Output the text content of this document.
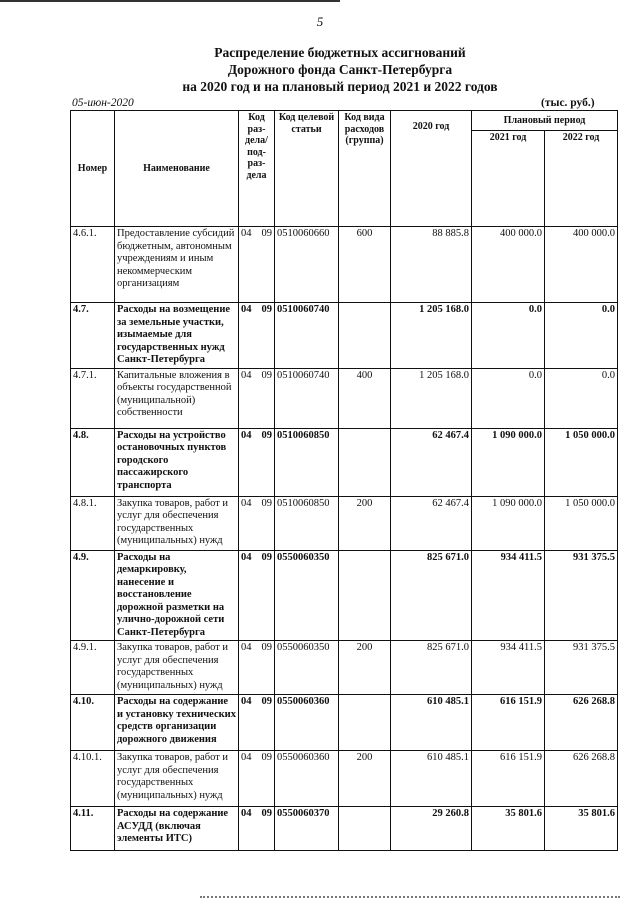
5
Распределение бюджетных ассигнований
Дорожного фонда Санкт-Петербурга
на 2020 год и на плановый период 2021 и 2022 годов
05-июн-2020	(тыс. руб.)
Номер	Наименование	Код раз-дела/ под-раз-дела	Код целевой статьи	Код вида расходов (группа)	2020 год	Плановый период	
						2021 год	2022 год
4.6.1.	Предоставление субсидий бюджетным, автономным учреждениям и иным некоммерческим организациям	04 09	0510060660	600	88 885.8	400 000.0	400 000.0
4.7.	Расходы на возмещение за земельные участки, изымаемые для государственных нужд Санкт-Петербурга	04 09	0510060740		1 205 168.0	0.0	0.0
4.7.1.	Капитальные вложения в объекты государственной (муниципальной) собственности	04 09	0510060740	400	1 205 168.0	0.0	0.0
4.8.	Расходы на устройство остановочных пунктов городского пассажирского транспорта	04 09	0510060850		62 467.4	1 090 000.0	1 050 000.0
4.8.1.	Закупка товаров, работ и услуг для обеспечения государственных (муниципальных) нужд	04 09	0510060850	200	62 467.4	1 090 000.0	1 050 000.0
4.9.	Расходы на демаркировку, нанесение и восстановление дорожной разметки на улично-дорожной сети Санкт-Петербурга	04 09	0550060350		825 671.0	934 411.5	931 375.5
4.9.1.	Закупка товаров, работ и услуг для обеспечения государственных (муниципальных) нужд	04 09	0550060350	200	825 671.0	934 411.5	931 375.5
4.10.	Расходы на содержание и установку технических средств организации дорожного движения	04 09	0550060360		610 485.1	616 151.9	626 268.8
4.10.1.	Закупка товаров, работ и услуг для обеспечения государственных (муниципальных) нужд	04 09	0550060360	200	610 485.1	616 151.9	626 268.8
4.11.	Расходы на содержание АСУДД (включая элементы ИТС)	04 09	0550060370		29 260.8	35 801.6	35 801.6
